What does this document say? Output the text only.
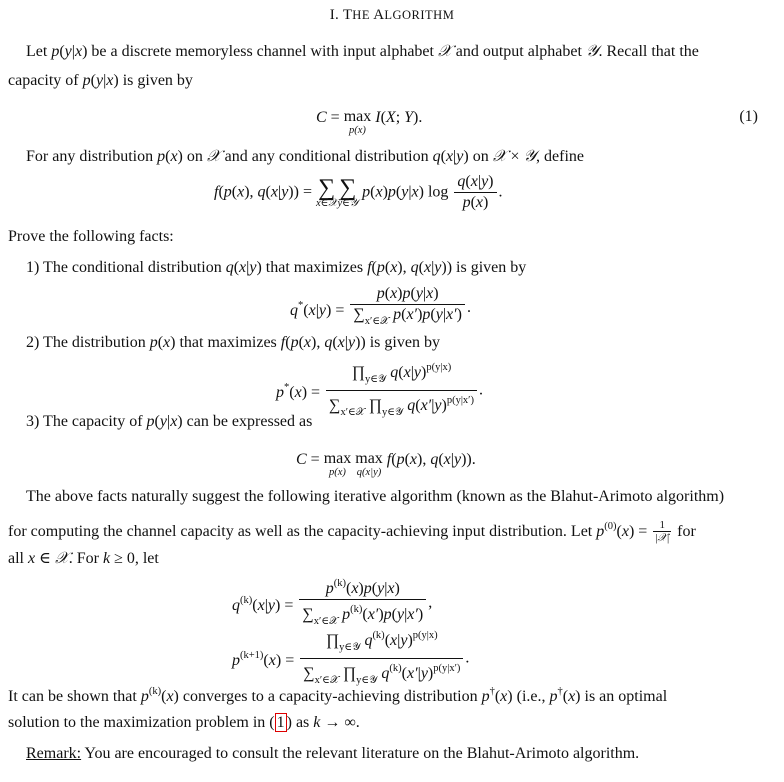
I. THE ALGORITHM
Let p(y|x) be a discrete memoryless channel with input alphabet 𝒳 and output alphabet 𝒴. Recall that the
capacity of p(y|x) is given by
C = max
p(x)
I(X; Y).	(1)
For any distribution p(x) on 𝒳 and any conditional distribution q(x|y) on 𝒳 × 𝒴, define
f(p(x), q(x|y)) = ∑
x∈𝒳
∑
y∈𝒴
p(x)p(y|x) $\log \frac{q(x|y)}{p(x)}$ .
Prove the following facts:
1) The conditional distribution q(x|y) that maximizes f(p(x), q(x|y)) is given by
$q^*(x|y) = \frac{p(x)p(y|x)}{\sum_{x'\in 𝒳} p(x')p(y|x')}$ .
2) The distribution p(x) that maximizes f(p(x), q(x|y)) is given by
$p^*(x) = \frac{\prod_{y\in 𝒴} q(x|y)^{p(y|x)}}{\sum_{x'\in 𝒳} \prod_{y\in 𝒴} q(x'|y)^{p(y|x')}}$ .
3) The capacity of p(y|x) can be expressed as
C = max
p(x)

max
q(x|y)
f(p(x), q(x|y)).
The above facts naturally suggest the following iterative algorithm (known as the Blahut-Arimoto algorithm)
for computing the channel capacity as well as the capacity-achieving input distribution. Let $p^{(0)}(x) = \frac{1}{\text{|𝒳|}}$ for
all x ∈ 𝒳. For k ≥ 0, let
$q^{(k)}(x|y) = \frac{p^{(k)}(x)p(y|x)}{\sum_{x'\in 𝒳} p^{(k)}(x')p(y|x')}$ ,
$p^{(k+1)}(x) = \frac{\prod_{y\in 𝒴} q^{(k)}(x|y)^{p(y|x)}}{\sum_{x'\in 𝒳} \prod_{y\in 𝒴} q^{(k)}(x'|y)^{p(y|x')}}$ .
It can be shown that $p^{(k)}(x)$ converges to a capacity-achieving distribution p†(x) (i.e., p†(x) is an optimal
solution to the maximization problem in ( 1 ) as k → ∞.
Remark: You are encouraged to consult the relevant literature on the Blahut-Arimoto algorithm.
